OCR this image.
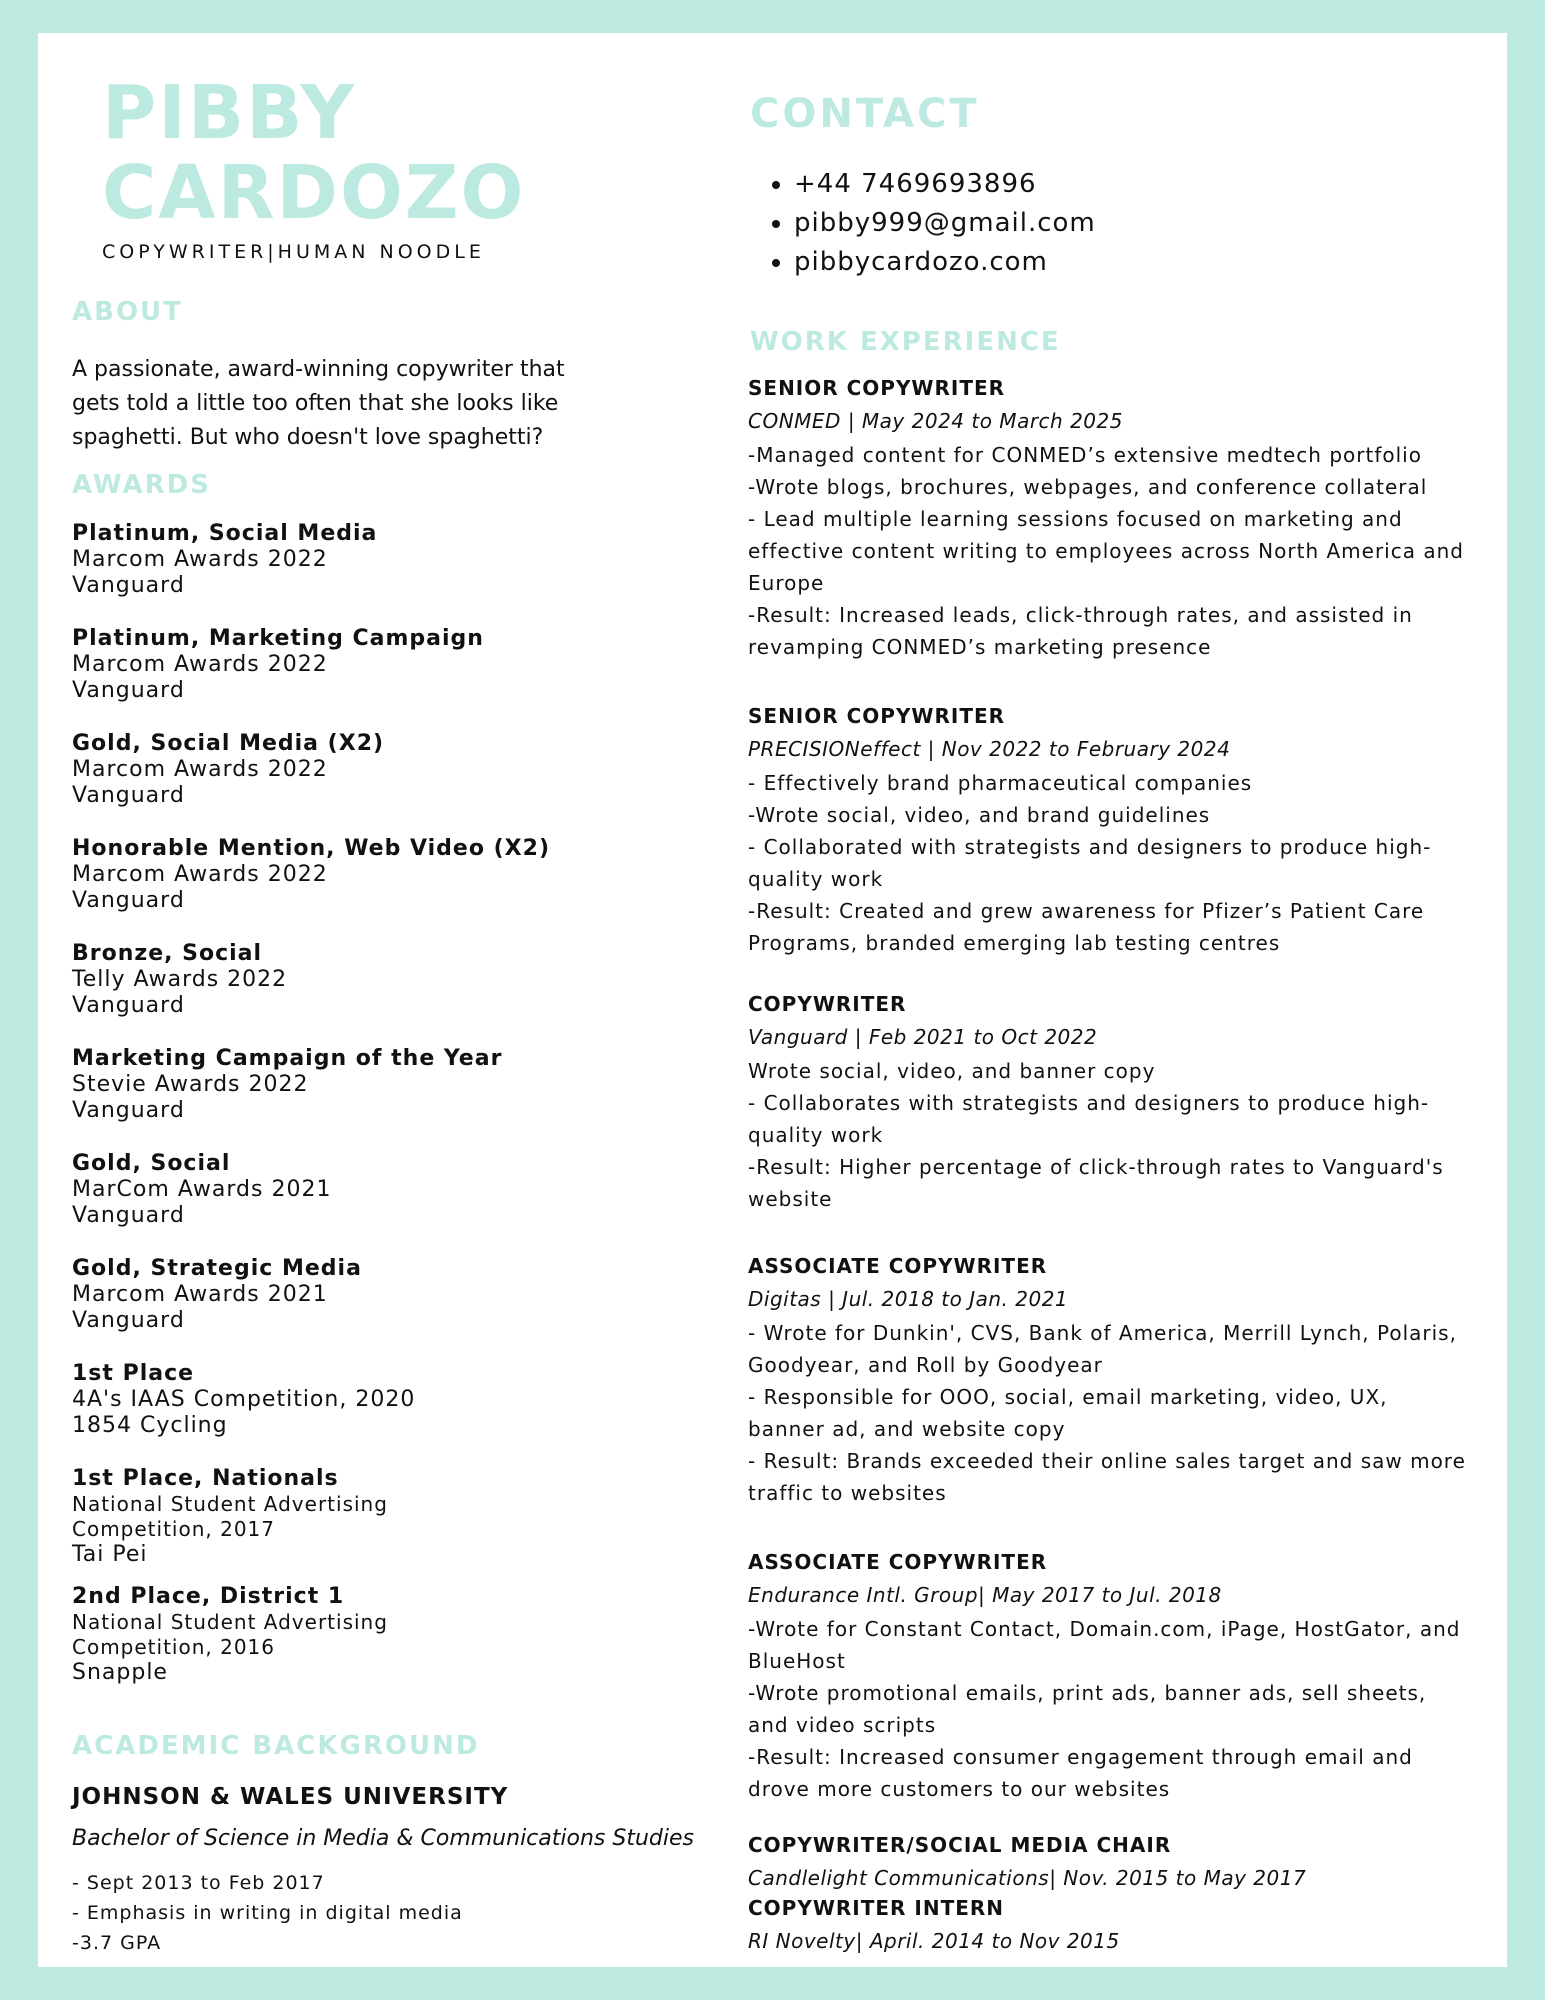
PIBBY
CARDOZO

COPYWRITER|HUMAN NOODLE

ABOUT

A passionate, award-winning copywriter that
gets told a little too often that she looks like
spaghetti. But who doesn't love spaghetti?

AWARDS
Platinum, Social Media
Marcom Awards 2022
Vanguard
Platinum, Marketing Campaign
Marcom Awards 2022
Vanguard
Gold, Social Media (X2)
Marcom Awards 2022
Vanguard
Honorable Mention, Web Video (X2)
Marcom Awards 2022
Vanguard
Bronze, Social
Telly Awards 2022
Vanguard
Marketing Campaign of the Year
Stevie Awards 2022
Vanguard
Gold, Social
MarCom Awards 2021
Vanguard
Gold, Strategic Media
Marcom Awards 2021
Vanguard
1st Place
4A's IAAS Competition, 2020
1854 Cycling
1st Place, Nationals
National Student Advertising
Competition, 2017
Tai Pei
2nd Place, District 1
National Student Advertising
Competition, 2016
Snapple
ACADEMIC BACKGROUND

JOHNSON & WALES UNIVERSITY

Bachelor of Science in Media & Communications Studies

- Sept 2013 to Feb 2017
- Emphasis in writing in digital media
-3.7 GPA
CONTACT
• +44 7469693896
• pibby999@gmail.com
• pibbycardozo.com
WORK EXPERIENCE
SENIOR COPYWRITER
CONMED | May 2024 to March 2025
-Managed content for CONMED’s extensive medtech portfolio
-Wrote blogs, brochures, webpages, and conference collateral
- Lead multiple learning sessions focused on marketing and
effective content writing to employees across North America and
Europe
-Result: Increased leads, click-through rates, and assisted in
revamping CONMED’s marketing presence
SENIOR COPYWRITER
PRECISIONeffect | Nov 2022 to February 2024
- Effectively brand pharmaceutical companies
-Wrote social, video, and brand guidelines
- Collaborated with strategists and designers to produce high-
quality work
-Result: Created and grew awareness for Pfizer’s Patient Care
Programs, branded emerging lab testing centres
COPYWRITER
Vanguard | Feb 2021 to Oct 2022
Wrote social, video, and banner copy
- Collaborates with strategists and designers to produce high-
quality work
-Result: Higher percentage of click-through rates to Vanguard's
website
ASSOCIATE COPYWRITER
Digitas | Jul. 2018 to Jan. 2021
- Wrote for Dunkin', CVS, Bank of America, Merrill Lynch, Polaris,
Goodyear, and Roll by Goodyear
- Responsible for OOO, social, email marketing, video, UX,
banner ad, and website copy
- Result: Brands exceeded their online sales target and saw more
traffic to websites
ASSOCIATE COPYWRITER
Endurance Intl. Group| May 2017 to Jul. 2018
-Wrote for Constant Contact, Domain.com, iPage, HostGator, and
BlueHost
-Wrote promotional emails, print ads, banner ads, sell sheets,
and video scripts
-Result: Increased consumer engagement through email and
drove more customers to our websites
COPYWRITER/SOCIAL MEDIA CHAIR
Candlelight Communications| Nov. 2015 to May 2017
COPYWRITER INTERN
RI Novelty| April. 2014 to Nov 2015
